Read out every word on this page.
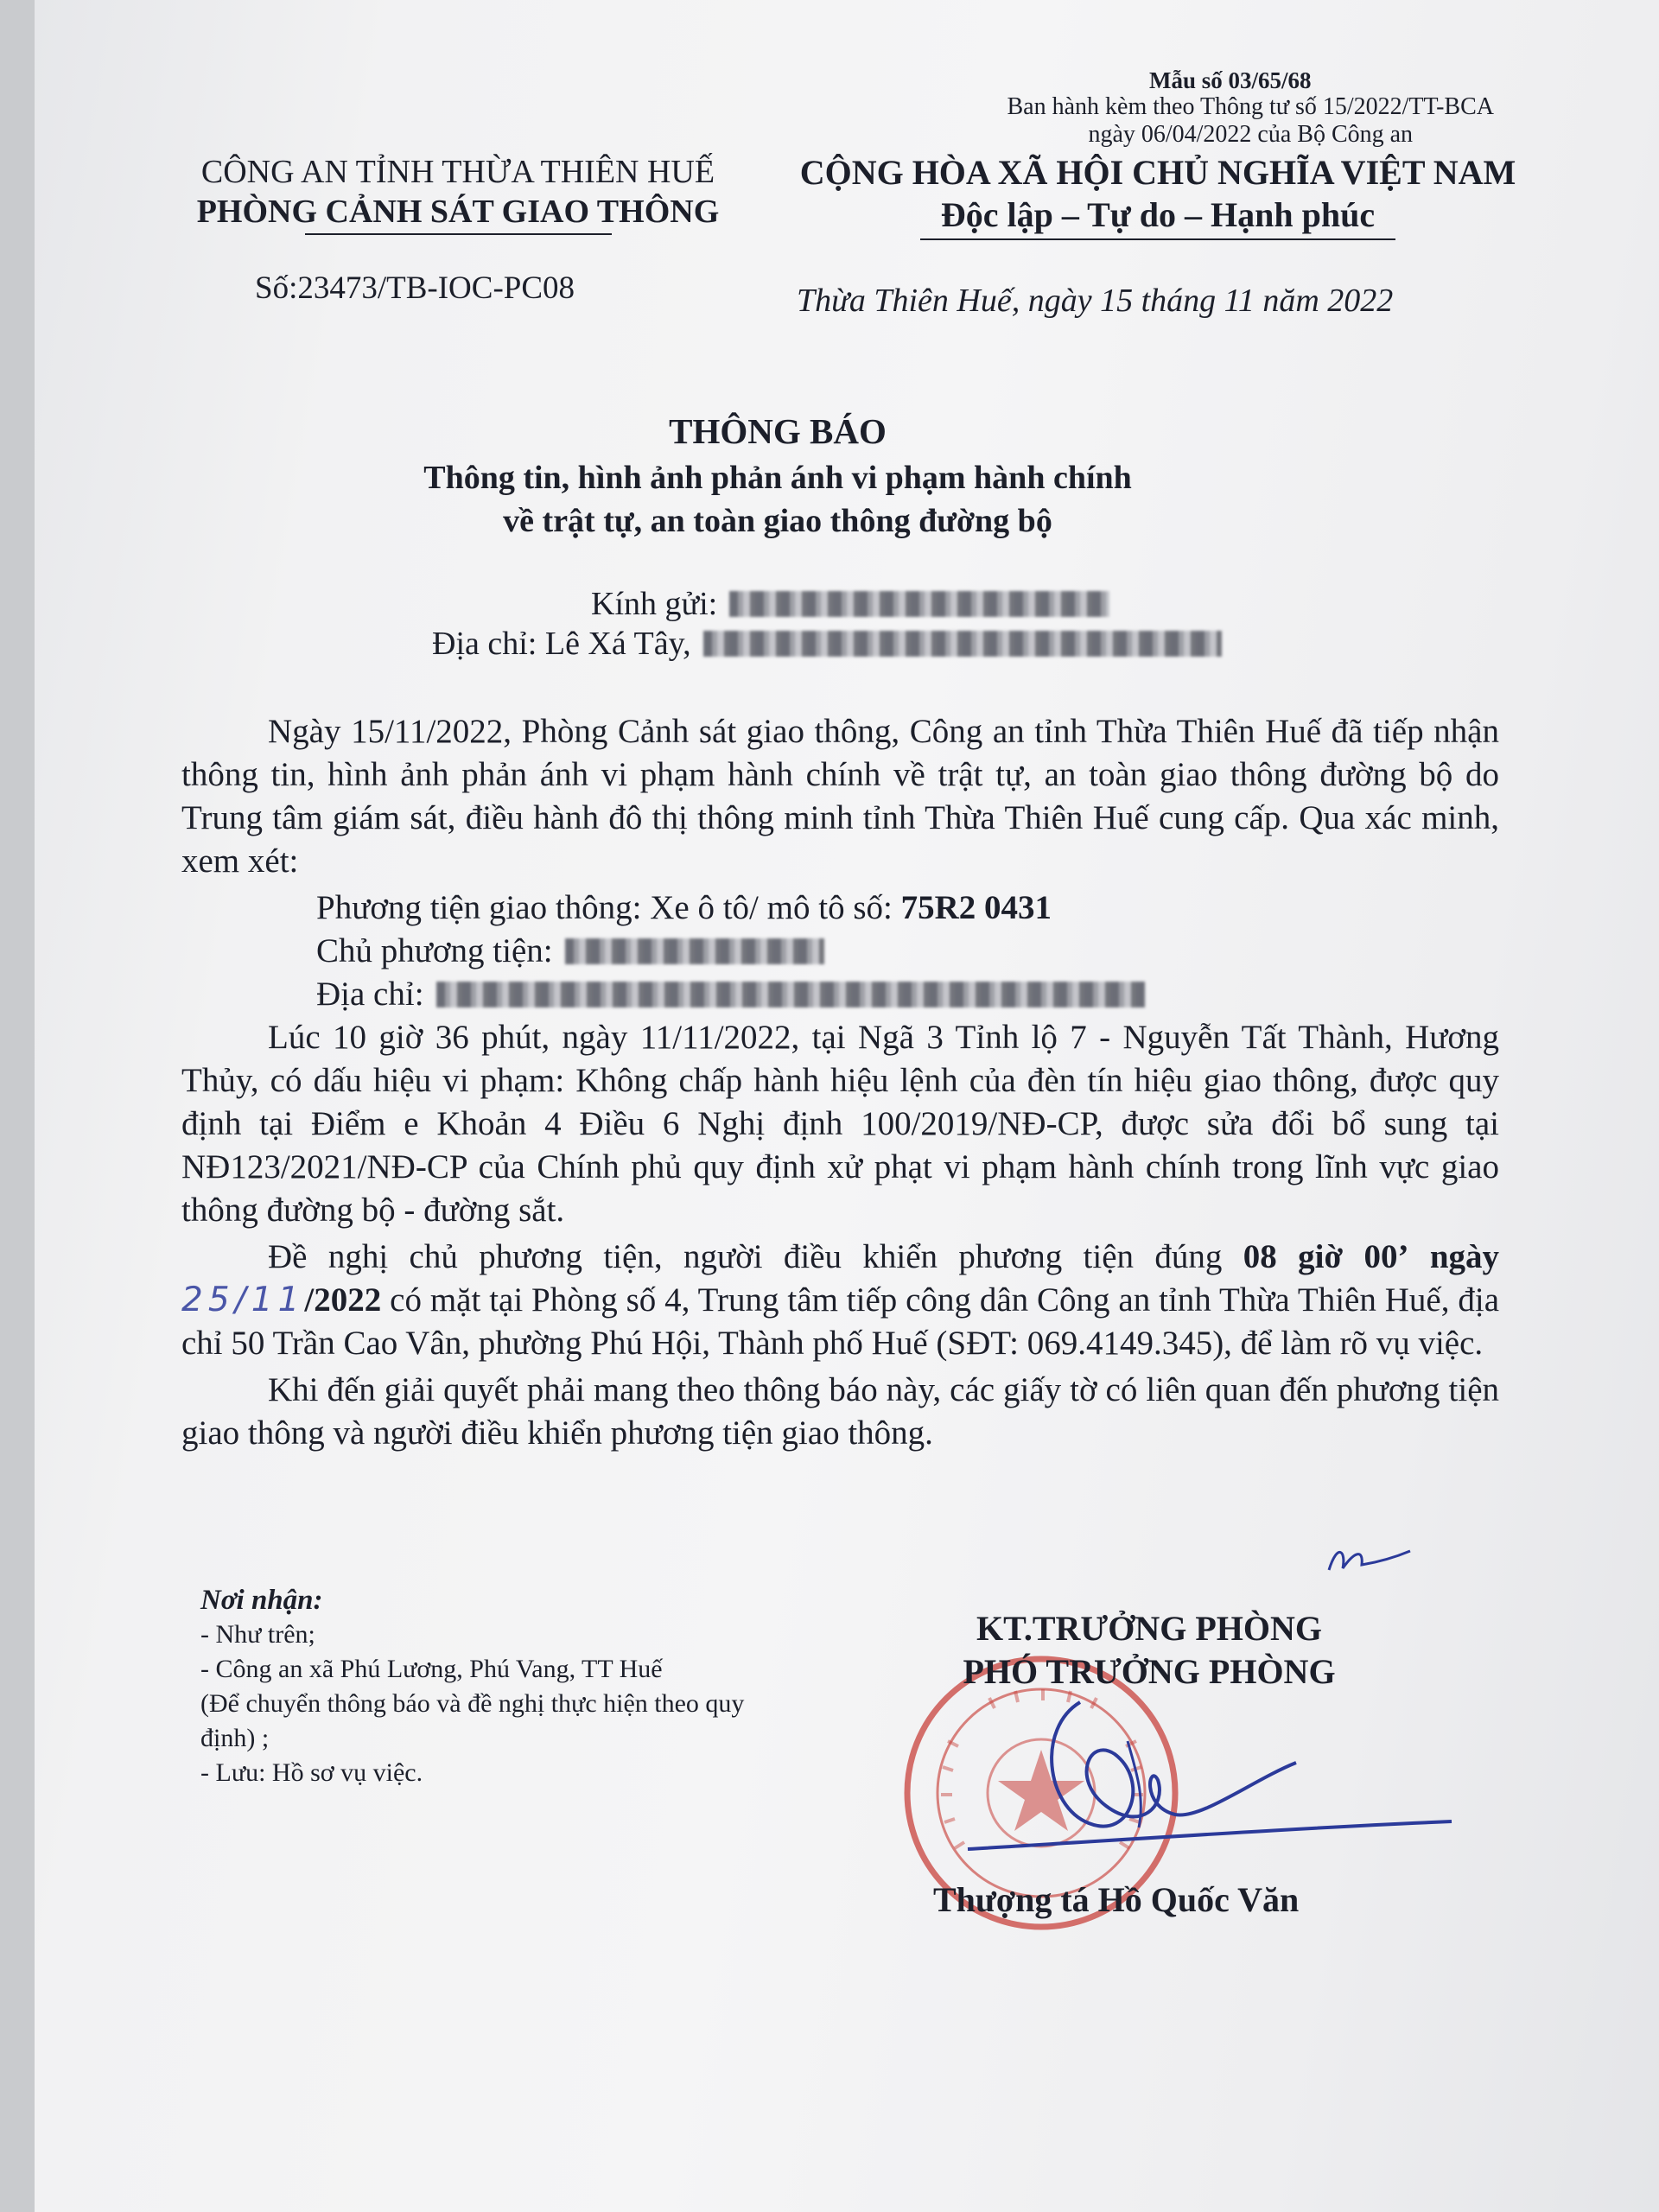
Mẫu số 03/65/68
Ban hành kèm theo Thông tư số 15/2022/TT-BCA
ngày 06/04/2022 của Bộ Công an
CÔNG AN TỈNH THỪA THIÊN HUẾ
PHÒNG CẢNH SÁT GIAO THÔNG
CỘNG HÒA XÃ HỘI CHỦ NGHĨA VIỆT NAM
Độc lập – Tự do – Hạnh phúc
Số:23473/TB-IOC-PC08	Thừa Thiên Huế, ngày 15 tháng 11 năm 2022
THÔNG BÁO
Thông tin, hình ảnh phản ánh vi phạm hành chính
về trật tự, an toàn giao thông đường bộ
Kính gửi:
Địa chỉ:
Lê Xá Tây,

Ngày 15/11/2022, Phòng Cảnh sát giao thông, Công an tỉnh Thừa Thiên Huế đã tiếp nhận thông tin, hình ảnh phản ánh vi phạm hành chính về trật tự, an toàn giao thông đường bộ do Trung tâm giám sát, điều hành đô thị thông minh tỉnh Thừa Thiên Huế cung cấp. Qua xác minh, xem xét:

Phương tiện giao thông: Xe ô tô/ mô tô số:
75R2 0431
Chủ phương tiện:
Địa chỉ:

Lúc 10 giờ 36 phút, ngày 11/11/2022, tại Ngã 3 Tỉnh lộ 7 - Nguyễn Tất Thành, Hương Thủy, có dấu hiệu vi phạm: Không chấp hành hiệu lệnh của đèn tín hiệu giao thông, được quy định tại Điểm e Khoản 4 Điều 6 Nghị định 100/2019/NĐ-CP, được sửa đổi bổ sung tại NĐ123/2021/NĐ-CP của Chính phủ quy định xử phạt vi phạm hành chính trong lĩnh vực giao thông đường bộ - đường sắt.

Đề nghị chủ phương tiện, người điều khiển phương tiện đúng 08 giờ 00’ ngày 25/11/2022 có mặt tại Phòng số 4, Trung tâm tiếp công dân Công an tỉnh Thừa Thiên Huế, địa chỉ 50 Trần Cao Vân, phường Phú Hội, Thành phố Huế (SĐT: 069.4149.345), để làm rõ vụ việc.

Khi đến giải quyết phải mang theo thông báo này, các giấy tờ có liên quan đến phương tiện giao thông và người điều khiển phương tiện giao thông.

Nơi nhận:
- Như trên;
- Công an xã Phú Lương, Phú Vang, TT Huế
(Để chuyển thông báo và đề nghị thực hiện theo quy định) ;
- Lưu: Hồ sơ vụ việc.
KT.TRƯỞNG PHÒNG
PHÓ TRƯỞNG PHÒNG
Thượng tá Hồ Quốc Văn
